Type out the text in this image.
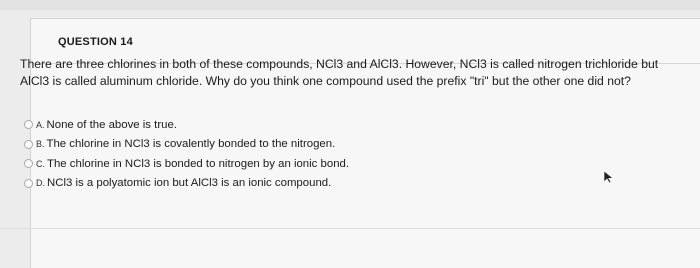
QUESTION 14
There are three chlorines in both of these compounds, NCl3 and AlCl3. However, NCl3 is called nitrogen trichloride but AlCl3 is called aluminum chloride. Why do you think one compound used the prefix "tri" but the other one did not?
A. None of the above is true.
B. The chlorine in NCl3 is covalently bonded to the nitrogen.
C. The chlorine in NCl3 is bonded to nitrogen by an ionic bond.
D. NCl3 is a polyatomic ion but AlCl3 is an ionic compound.
